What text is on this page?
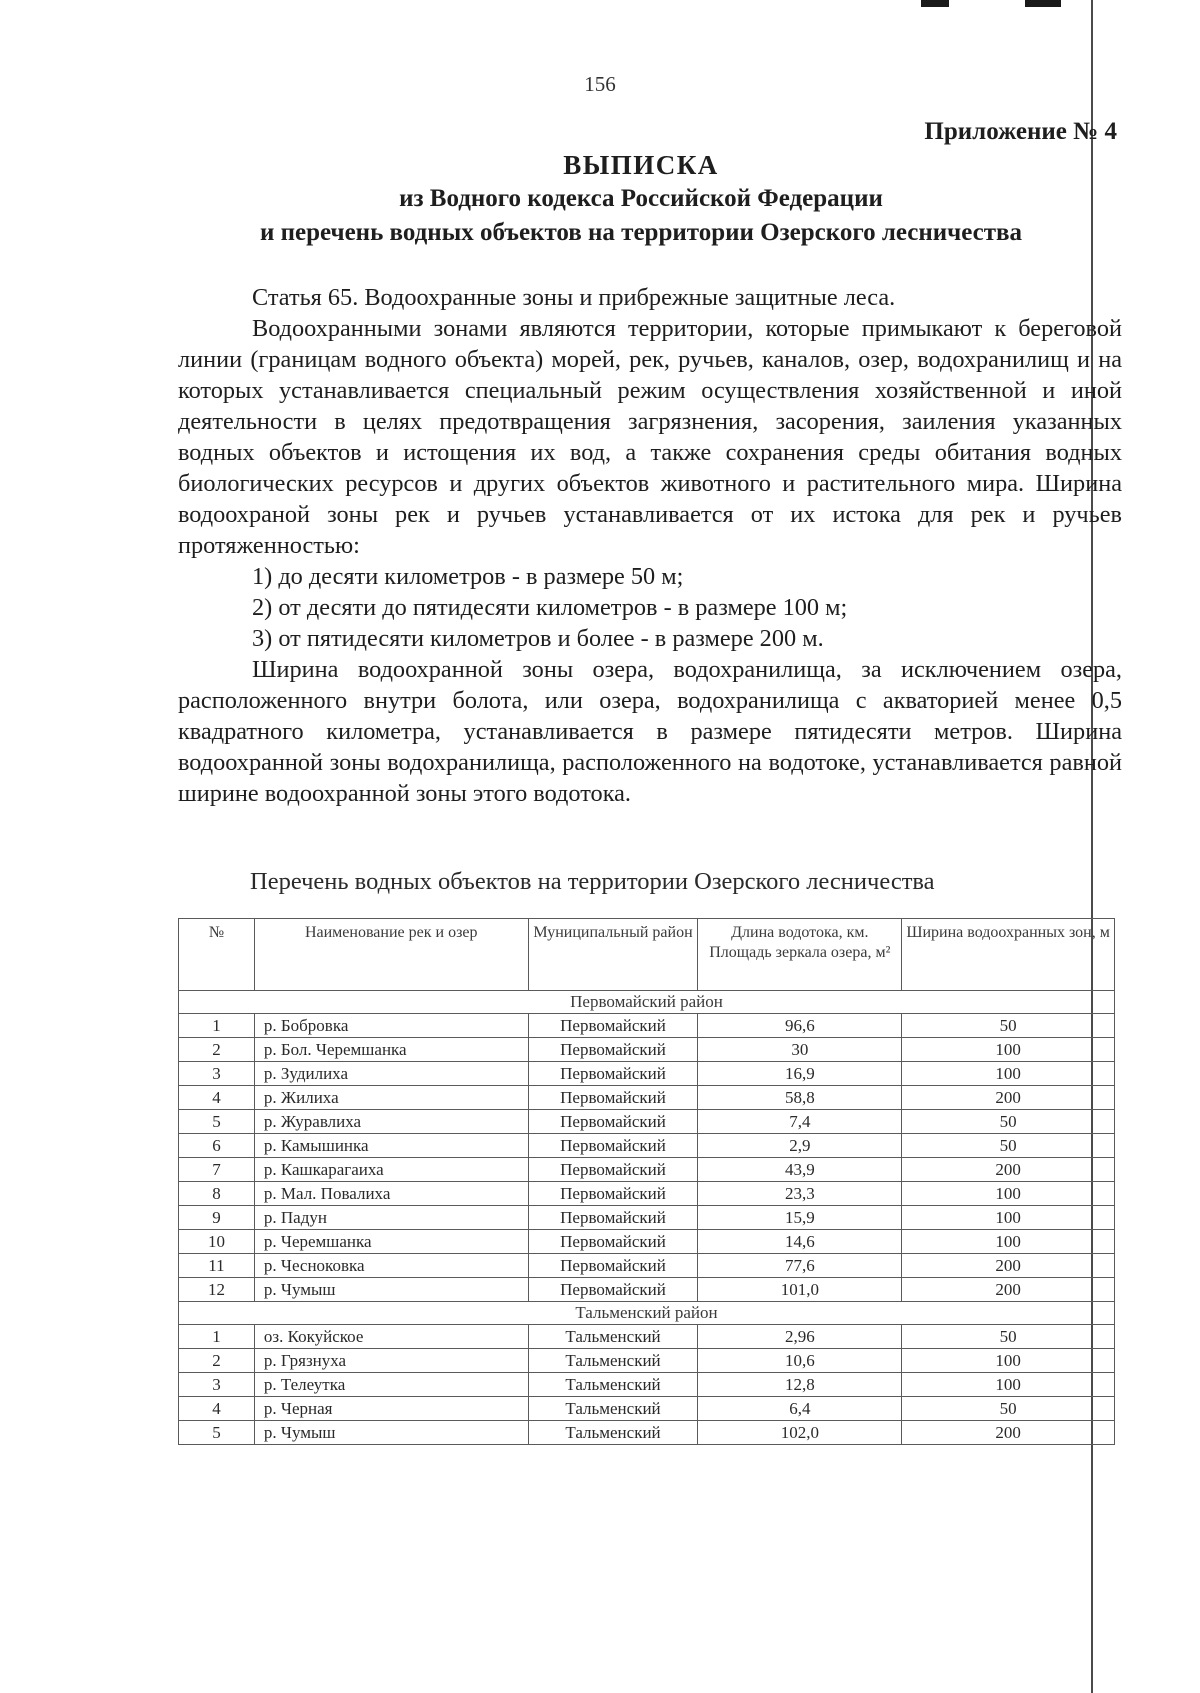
156
Приложение № 4
ВЫПИСКА
из Водного кодекса Российской Федерации
и перечень водных объектов на территории Озерского лесничества

Статья 65. Водоохранные зоны и прибрежные защитные леса.

Водоохранными зонами являются территории, которые примыкают к береговой линии (границам водного объекта) морей, рек, ручьев, каналов, озер, водохранилищ и на которых устанавливается специальный режим осуществления хозяйственной и иной деятельности в целях предотвращения загрязнения, засорения, заиления указанных водных объектов и истощения их вод, а также сохранения среды обитания водных биологических ресурсов и других объектов животного и растительного мира. Ширина водоохраной зоны рек и ручьев устанавливается от их истока для рек и ручьев протяженностью:

1) до десяти километров - в размере 50 м;

2) от десяти до пятидесяти километров - в размере 100 м;

3) от пятидесяти километров и более - в размере 200 м.

Ширина водоохранной зоны озера, водохранилища, за исключением озера, расположенного внутри болота, или озера, водохранилища с акваторией менее 0,5 квадратного километра, устанавливается в размере пятидесяти метров. Ширина водоохранной зоны водохранилища, расположенного на водотоке, устанавливается равной ширине водоохранной зоны этого водотока.

Перечень водных объектов на территории Озерского лесничества
№	Наименование рек и озер	Муниципальный район	Длина водотока, км. Площадь зеркала озера, м²	Ширина водоохранных зон, м
Первомайский район				
1	р. Бобровка	Первомайский	96,6	50
2	р. Бол. Черемшанка	Первомайский	30	100
3	р. Зудилиха	Первомайский	16,9	100
4	р. Жилиха	Первомайский	58,8	200
5	р. Журавлиха	Первомайский	7,4	50
6	р. Камышинка	Первомайский	2,9	50
7	р. Кашкарагаиха	Первомайский	43,9	200
8	р. Мал. Повалиха	Первомайский	23,3	100
9	р. Падун	Первомайский	15,9	100
10	р. Черемшанка	Первомайский	14,6	100
11	р. Чесноковка	Первомайский	77,6	200
12	р. Чумыш	Первомайский	101,0	200
Тальменский район				
1	оз. Кокуйское	Тальменский	2,96	50
2	р. Грязнуха	Тальменский	10,6	100
3	р. Телеутка	Тальменский	12,8	100
4	р. Черная	Тальменский	6,4	50
5	р. Чумыш	Тальменский	102,0	200
